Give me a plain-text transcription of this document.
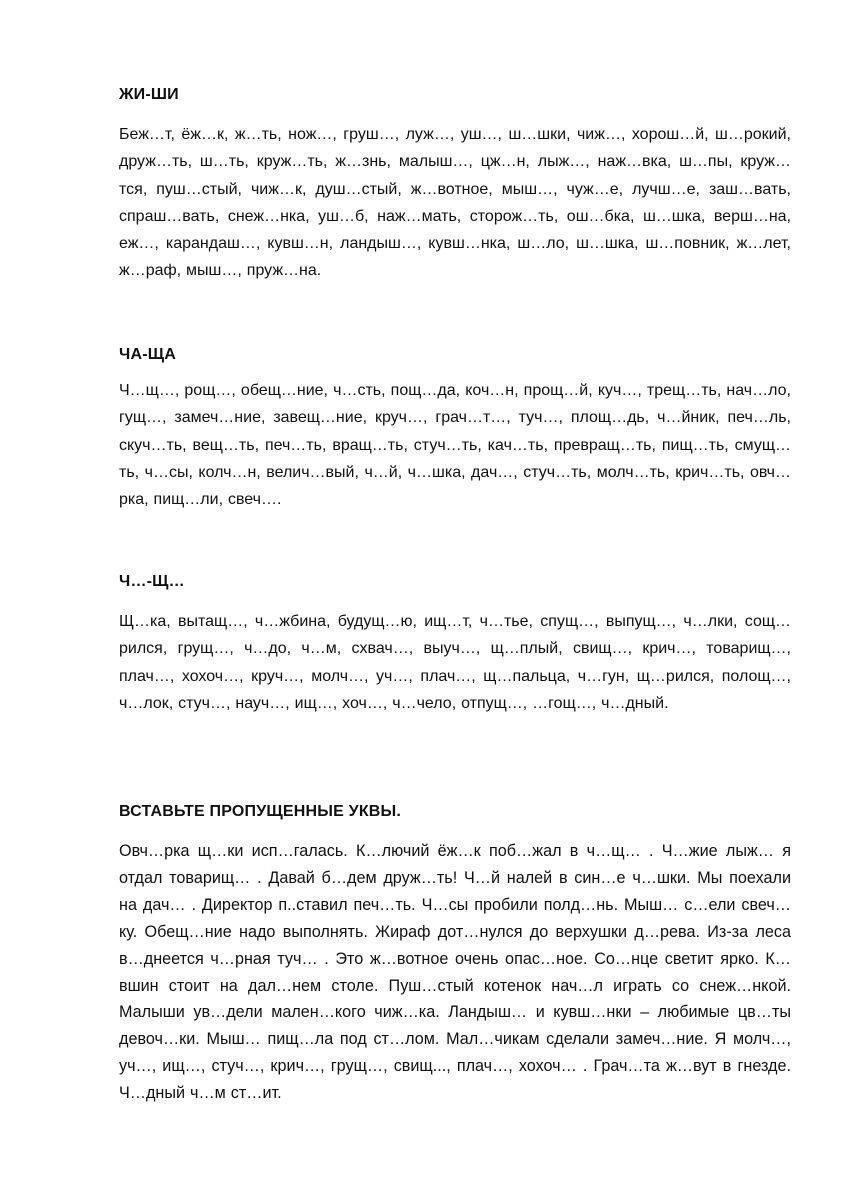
ЖИ-ШИ

Беж…т, ёж…к, ж…ть, нож…, груш…, луж…, уш…, ш…шки, чиж…, хорош…й, ш…рокий, друж…ть, ш…ть, круж…ть, ж…знь, малыш…, цж…н, лыж…, наж…вка, ш…пы, круж…тся, пуш…стый, чиж…к, душ…стый, ж…вотное, мыш…, чуж…е, лучш…е, заш…вать, спраш…вать, снеж…нка, уш…б, наж…мать, сторож…ть, ош…бка, ш…шка, верш…на, еж…, карандаш…, кувш…н, ландыш…, кувш…нка, ш…ло, ш…шка, ш…повник, ж…лет, ж…раф, мыш…, пруж…на.

ЧА-ЩА

Ч…щ…, рощ…, обещ…ние, ч…сть, пощ…да, коч…н, прощ…й, куч…, трещ…ть, нач…ло, гущ…, замеч…ние, завещ…ние, круч…, грач…т…, туч…, площ…дь, ч…йник, печ…ль, скуч…ть, вещ…ть, печ…ть, вращ…ть, стуч…ть, кач…ть, превращ…ть, пищ…ть, смущ…ть, ч…сы, колч…н, велич…вый, ч…й, ч…шка, дач…, стуч…ть, молч…ть, крич…ть, овч…рка, пищ…ли, свеч….

Ч…-Щ…

Щ…ка, вытащ…, ч…жбина, будущ…ю, ищ…т, ч…тье, спущ…, выпущ…, ч…лки, сощ…рился, грущ…, ч…до, ч…м, схвач…, выуч…, щ…плый, свищ…, крич…, товарищ…, плач…, хохоч…, круч…, молч…, уч…, плач…, щ…пальца, ч…гун, щ…рился, полощ…, ч…лок, стуч…, науч…, ищ…, хоч…, ч…чело, отпущ…, …гощ…, ч…дный.

ВСТАВЬТЕ ПРОПУЩЕННЫЕ УКВЫ.

Овч…рка щ…ки исп…галась. К…лючий ёж…к поб…жал в ч…щ… . Ч…жие лыж… я отдал товарищ… . Давай б…дем друж…ть! Ч…й налей в син…е ч…шки. Мы поехали на дач… . Директор п..ставил печ…ть. Ч…сы пробили полд…нь. Мыш… с…ели свеч…ку. Обещ…ние надо выполнять. Жираф дот…нулся до верхушки д…рева. Из-за леса в…днеется ч…рная туч… . Это ж…вотное очень опас…ное. Со…нце светит ярко. К…вшин стоит на дал…нем столе. Пуш…стый котенок нач…л играть со снеж…нкой. Малыши ув…дели мален…кого чиж…ка. Ландыш… и кувш…нки – любимые цв…ты девоч…ки. Мыш… пищ…ла под ст…лом. Мал…чикам сделали замеч…ние. Я молч…, уч…, ищ…, стуч…, крич…, грущ…, свищ..., плач…, хохоч… . Грач…та ж…вут в гнезде. Ч…дный ч…м ст…ит.
